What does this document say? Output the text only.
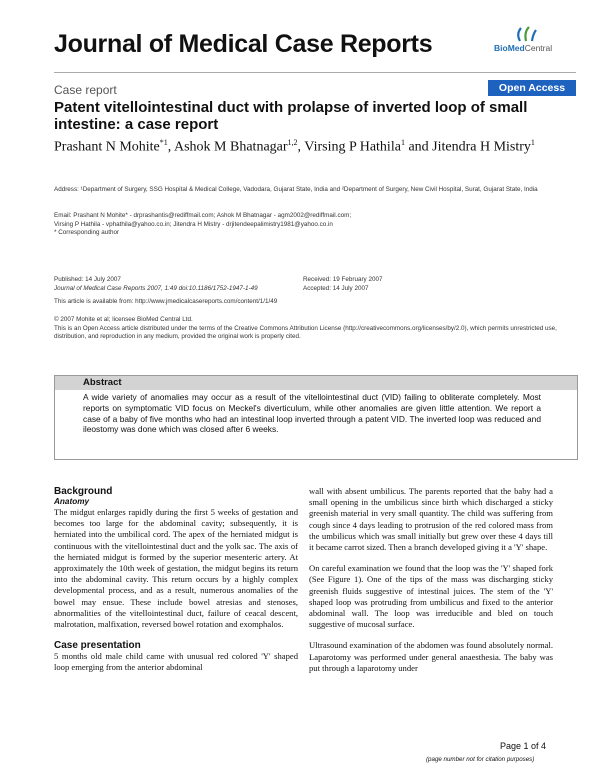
Journal of Medical Case Reports	BioMedCentral
Case report	Open Access
Patent vitellointestinal duct with prolapse of inverted loop of small intestine: a case report
Prashant N Mohite$^{*1}$, Ashok M Bhatnagar$^{1,2}$, Virsing P Hathila$^1$ and Jitendra H Mistry$^1$
Address: ¹Department of Surgery, SSG Hospital & Medical College, Vadodara, Gujarat State, India and ²Department of Surgery, New Civil Hospital, Surat, Gujarat State, India
Email: Prashant N Mohite* - drprashantis@rediffmail.com; Ashok M Bhatnagar - agm2002@rediffmail.com;
Virsing P Hathila - vphathila@yahoo.co.in; Jitendra H Mistry - drjitendeepalimistry1981@yahoo.co.in
* Corresponding author
Published: 14 July 2007
Journal of Medical Case Reports 2007, 1:49 doi:10.1186/1752-1947-1-49
Received: 19 February 2007
Accepted: 14 July 2007
This article is available from: http://www.jmedicalcasereports.com/content/1/1/49
© 2007 Mohite et al; licensee BioMed Central Ltd.
This is an Open Access article distributed under the terms of the Creative Commons Attribution License (http://creativecommons.org/licenses/by/2.0), which permits unrestricted use, distribution, and reproduction in any medium, provided the original work is properly cited.
Abstract
A wide variety of anomalies may occur as a result of the vitellointestinal duct (VID) failing to obliterate completely. Most reports on symptomatic VID focus on Meckel's diverticulum, while other anomalies are given little attention. We report a case of a baby of five months who had an intestinal loop inverted through a patent VID. The inverted loop was reduced and ileostomy was done which was closed after 6 weeks.
Background
Anatomy
The midgut enlarges rapidly during the first 5 weeks of gestation and becomes too large for the abdominal cavity; subsequently, it is herniated into the umbilical cord. The apex of the herniated midgut is continuous with the vitellointestinal duct and the yolk sac. The axis of the herniated midgut is formed by the superior mesenteric artery. At approximately the 10th week of gestation, the midgut begins its return into the abdominal cavity. This return occurs by a highly complex developmental process, and as a result, numerous anomalies of the bowel may ensue. These include bowel atresias and stenoses, abnormalities of the vitellointestinal duct, failure of ceacal descent, malrotation, malfixation, reversed bowel rotation and exomphalos.
Case presentation
5 months old male child came with unusual red colored 'Y' shaped loop emerging from the anterior abdominal
wall with absent umbilicus. The parents reported that the baby had a small opening in the umbilicus since birth which discharged a sticky greenish material in very small quantity. The child was suffering from cough since 4 days leading to protrusion of the red colored mass from the umbilicus which was small initially but grew over these 4 days till it became carrot sized. Then a branch developed giving it a 'Y' shape.
On careful examination we found that the loop was the 'Y' shaped fork (See Figure 1). One of the tips of the mass was discharging sticky greenish fluids suggestive of intestinal juices. The stem of the 'Y' shaped loop was protruding from umbilicus and fixed to the anterior abdominal wall. The loop was irreducible and bled on touch suggestive of mucosal surface.
Ultrasound examination of the abdomen was found absolutely normal. Laparotomy was performed under general anaesthesia. The baby was put through a laparotomy under
Page 1 of 4
(page number not for citation purposes)
